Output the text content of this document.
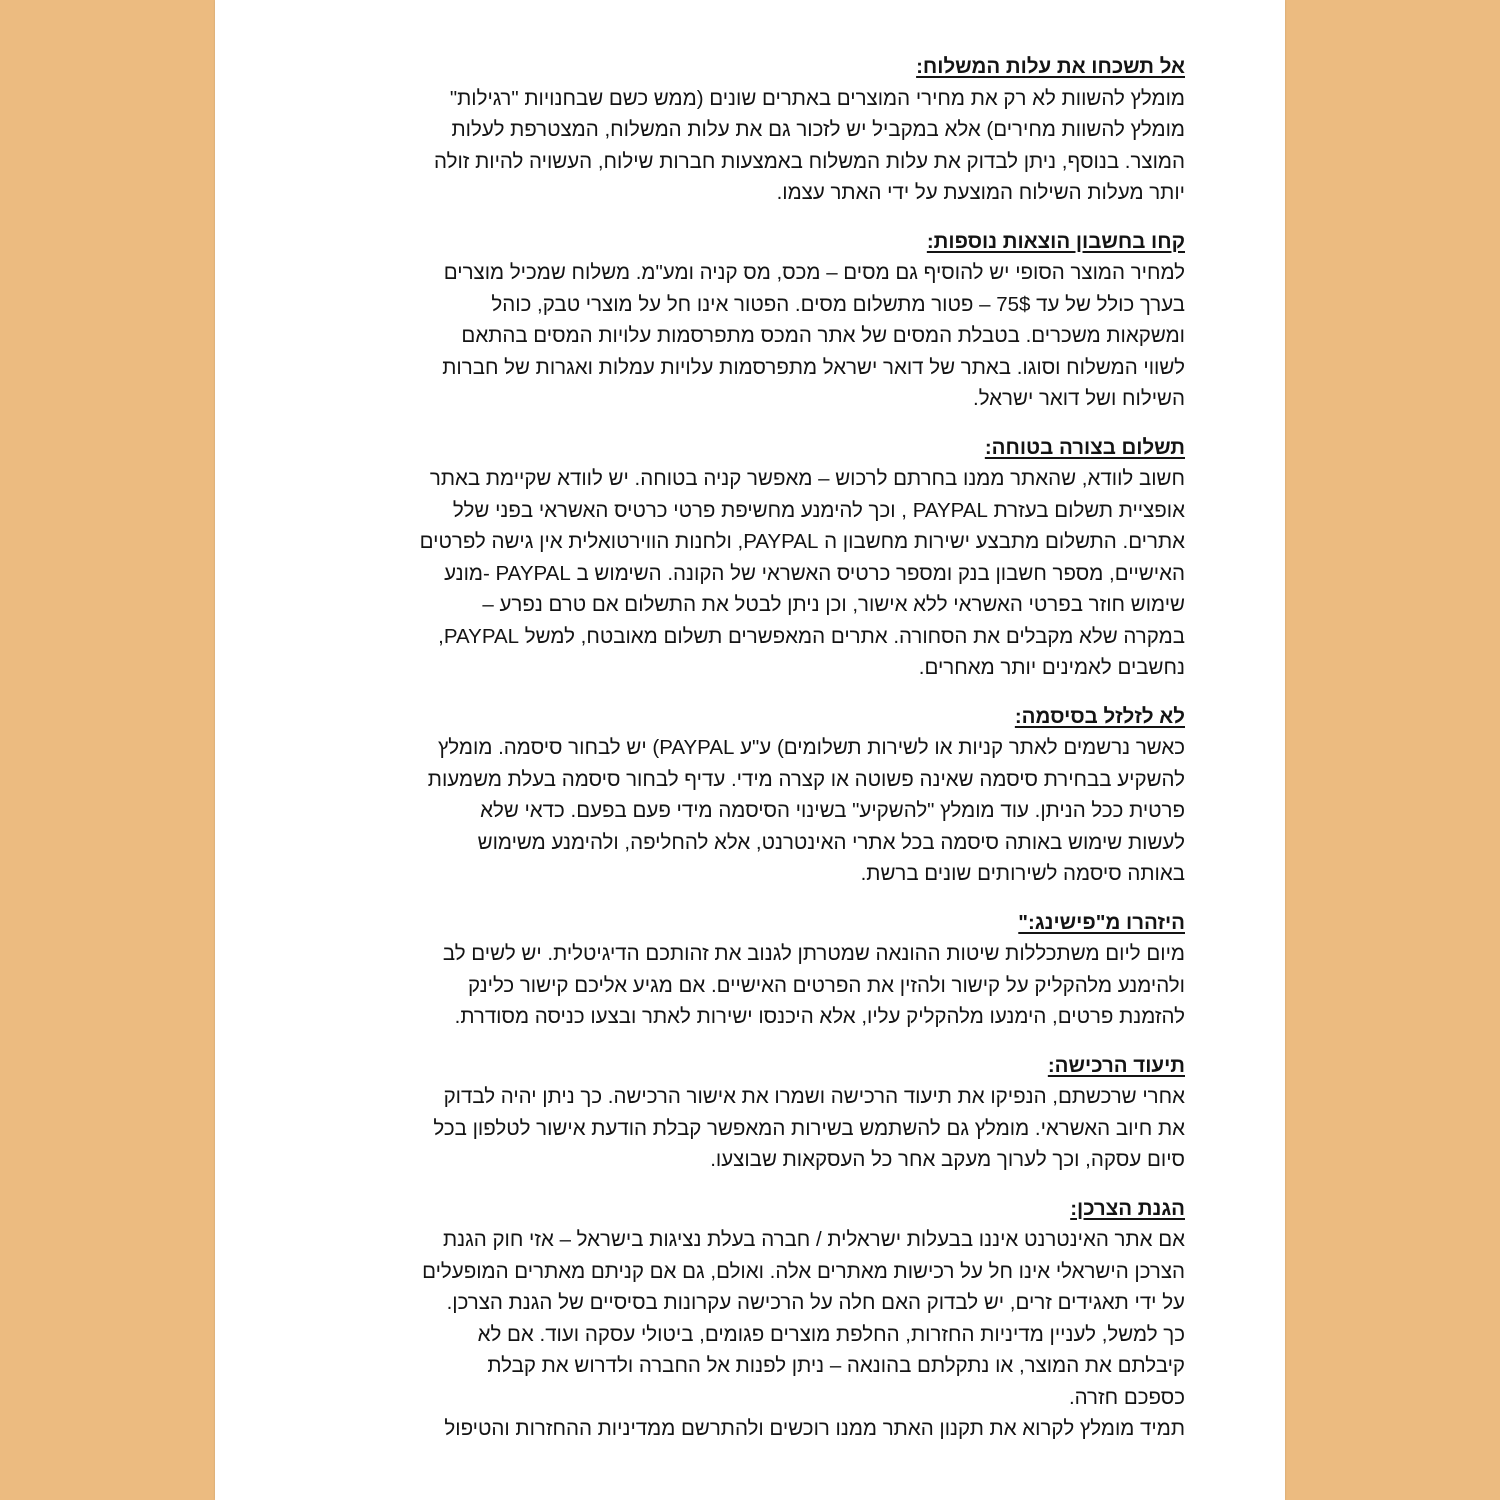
אל תשכחו את עלות המשלוח:
מומלץ להשוות לא רק את מחירי המוצרים באתרים שונים (ממש כשם שבחנויות "רגילות"
מומלץ להשוות מחירים) אלא במקביל יש לזכור גם את עלות המשלוח, המצטרפת לעלות
המוצר. בנוסף, ניתן לבדוק את עלות המשלוח באמצעות חברות שילוח, העשויה להיות זולה
יותר מעלות השילוח המוצעת על ידי האתר עצמו.
קחו בחשבון הוצאות נוספות:
למחיר המוצר הסופי יש להוסיף גם מסים – מכס, מס קניה ומע"מ. משלוח שמכיל מוצרים
בערך כולל של עד 75$ – פטור מתשלום מסים. הפטור אינו חל על מוצרי טבק, כוהל
ומשקאות משכרים. בטבלת המסים של אתר המכס מתפרסמות עלויות המסים בהתאם
לשווי המשלוח וסוגו. באתר של דואר ישראל מתפרסמות עלויות עמלות ואגרות של חברות
השילוח ושל דואר ישראל.
תשלום בצורה בטוחה:
חשוב לוודא, שהאתר ממנו בחרתם לרכוש – מאפשר קניה בטוחה. יש לוודא שקיימת באתר
אופציית תשלום בעזרת PAYPAL , וכך להימנע מחשיפת פרטי כרטיס האשראי בפני שלל
אתרים. התשלום מתבצע ישירות מחשבון ה PAYPAL, ולחנות הווירטואלית אין גישה לפרטים
האישיים, מספר חשבון בנק ומספר כרטיס האשראי של הקונה. השימוש ב PAYPAL -מונע
שימוש חוזר בפרטי האשראי ללא אישור, וכן ניתן לבטל את התשלום אם טרם נפרע –
במקרה שלא מקבלים את הסחורה. אתרים המאפשרים תשלום מאובטח, למשל PAYPAL,
נחשבים לאמינים יותר מאחרים.
לא לזלזל בסיסמה:
כאשר נרשמים לאתר קניות או לשירות תשלומים) ע"ע PAYPAL) יש לבחור סיסמה. מומלץ
להשקיע בבחירת סיסמה שאינה פשוטה או קצרה מידי. עדיף לבחור סיסמה בעלת משמעות
פרטית ככל הניתן. עוד מומלץ "להשקיע" בשינוי הסיסמה מידי פעם בפעם. כדאי שלא
לעשות שימוש באותה סיסמה בכל אתרי האינטרנט, אלא להחליפה, ולהימנע משימוש
באותה סיסמה לשירותים שונים ברשת.
היזהרו מ"פישינג:"
מיום ליום משתכללות שיטות ההונאה שמטרתן לגנוב את זהותכם הדיגיטלית. יש לשים לב
ולהימנע מלהקליק על קישור ולהזין את הפרטים האישיים. אם מגיע אליכם קישור כלינק
להזמנת פרטים, הימנעו מלהקליק עליו, אלא היכנסו ישירות לאתר ובצעו כניסה מסודרת.
תיעוד הרכישה:
אחרי שרכשתם, הנפיקו את תיעוד הרכישה ושמרו את אישור הרכישה. כך ניתן יהיה לבדוק
את חיוב האשראי. מומלץ גם להשתמש בשירות המאפשר קבלת הודעת אישור לטלפון בכל
סיום עסקה, וכך לערוך מעקב אחר כל העסקאות שבוצעו.
הגנת הצרכן:
אם אתר האינטרנט איננו בבעלות ישראלית / חברה בעלת נציגות בישראל – אזי חוק הגנת
הצרכן הישראלי אינו חל על רכישות מאתרים אלה. ואולם, גם אם קניתם מאתרים המופעלים
על ידי תאגידים זרים, יש לבדוק האם חלה על הרכישה עקרונות בסיסיים של הגנת הצרכן.
כך למשל, לעניין מדיניות החזרות, החלפת מוצרים פגומים, ביטולי עסקה ועוד. אם לא
קיבלתם את המוצר, או נתקלתם בהונאה – ניתן לפנות אל החברה ולדרוש את קבלת
כספכם חזרה.
תמיד מומלץ לקרוא את תקנון האתר ממנו רוכשים ולהתרשם ממדיניות ההחזרות והטיפול
